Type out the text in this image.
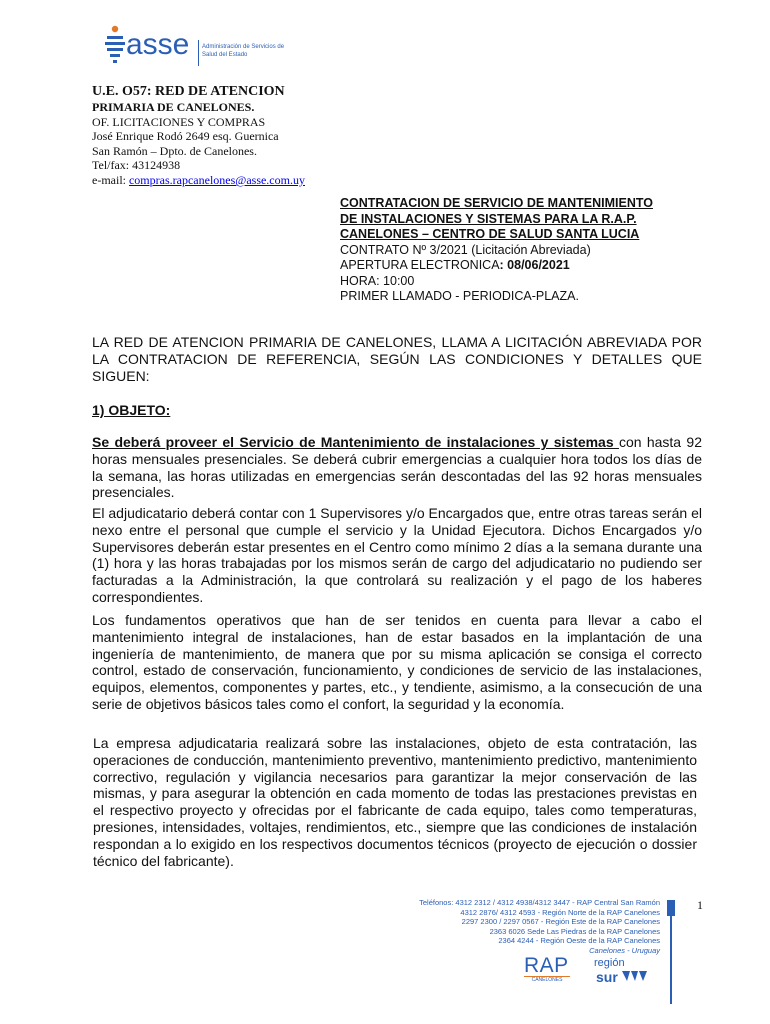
asse Administración de Servicios de Salud del Estado
U.E. O57: RED DE ATENCION
PRIMARIA DE CANELONES.
OF. LICITACIONES Y COMPRAS
José Enrique Rodó 2649 esq. Guernica
San Ramón – Dpto. de Canelones.
Tel/fax: 43124938
e-mail: compras.rapcanelones@asse.com.uy
CONTRATACION DE SERVICIO DE MANTENIMIENTO
DE INSTALACIONES Y SISTEMAS PARA LA R.A.P.
CANELONES – CENTRO DE SALUD SANTA LUCIA
CONTRATO Nº 3/2021 (Licitación Abreviada)
APERTURA ELECTRONICA: 08/06/2021
HORA: 10:00
PRIMER LLAMADO - PERIODICA-PLAZA.
LA RED DE ATENCION PRIMARIA DE CANELONES, LLAMA A LICITACIÓN ABREVIADA POR LA CONTRATACION DE REFERENCIA, SEGÚN LAS CONDICIONES Y DETALLES QUE SIGUEN:
1) OBJETO:
Se deberá proveer el Servicio de Mantenimiento de instalaciones y sistemas con hasta 92 horas mensuales presenciales. Se deberá cubrir emergencias a cualquier hora todos los días de la semana, las horas utilizadas en emergencias serán descontadas del las 92 horas mensuales presenciales.
El adjudicatario deberá contar con 1 Supervisores y/o Encargados que, entre otras tareas serán el nexo entre el personal que cumple el servicio y la Unidad Ejecutora. Dichos Encargados y/o Supervisores deberán estar presentes en el Centro como mínimo 2 días a la semana durante una (1) hora y las horas trabajadas por los mismos serán de cargo del adjudicatario no pudiendo ser facturadas a la Administración, la que controlará su realización y el pago de los haberes correspondientes.
Los fundamentos operativos que han de ser tenidos en cuenta para llevar a cabo el mantenimiento integral de instalaciones, han de estar basados en la implantación de una ingeniería de mantenimiento, de manera que por su misma aplicación se consiga el correcto control, estado de conservación, funcionamiento, y condiciones de servicio de las instalaciones, equipos, elementos, componentes y partes, etc., y tendiente, asimismo, a la consecución de una serie de objetivos básicos tales como el confort, la seguridad y la economía.
La empresa adjudicataria realizará sobre las instalaciones, objeto de esta contratación, las operaciones de conducción, mantenimiento preventivo, mantenimiento predictivo, mantenimiento correctivo, regulación y vigilancia necesarios para garantizar la mejor conservación de las mismas, y para asegurar la obtención en cada momento de todas las prestaciones previstas en el respectivo proyecto y ofrecidas por el fabricante de cada equipo, tales como temperaturas, presiones, intensidades, voltajes, rendimientos, etc., siempre que las condiciones de instalación respondan a lo exigido en los respectivos documentos técnicos (proyecto de ejecución o dossier técnico del fabricante).
Teléfonos: 4312 2312 / 4312 4938/4312 3447 - RAP Central San Ramón
4312 2876/ 4312 4593 - Región Norte de la RAP Canelones
2297 2300 / 2297 0567 - Región Este de la RAP Canelones
2363 6026 Sede Las Piedras de la RAP Canelones
2364 4244 - Región Oeste de la RAP Canelones
Canelones - Uruguay
1
RAP
CANELONES
región
sur
